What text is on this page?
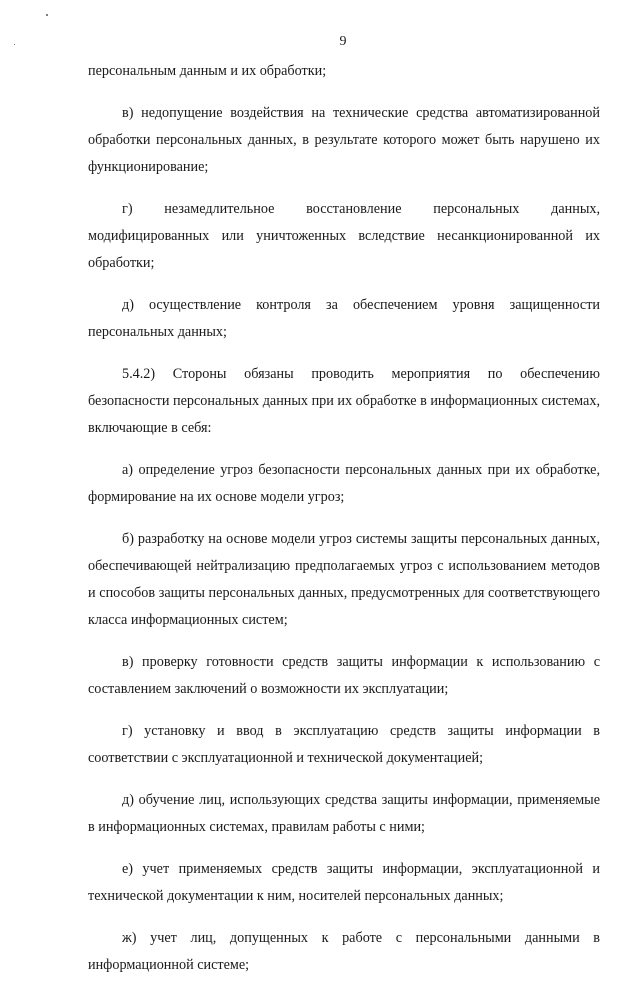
9

персональным данным и их обработки;

в) недопущение воздействия на технические средства автоматизированной обработки персональных данных, в результате которого может быть нарушено их функционирование;

г) незамедлительное восстановление персональных данных, модифицированных или уничтоженных вследствие несанкционированной их обработки;

д) осуществление контроля за обеспечением уровня защищенности персональных данных;

5.4.2) Стороны обязаны проводить мероприятия по обеспечению безопасности персональных данных при их обработке в информационных системах, включающие в себя:

а) определение угроз безопасности персональных данных при их обработке, формирование на их основе модели угроз;

б) разработку на основе модели угроз системы защиты персональных данных, обеспечивающей нейтрализацию предполагаемых угроз с использованием методов и способов защиты персональных данных, предусмотренных для соответствующего класса информационных систем;

в) проверку готовности средств защиты информации к использованию с составлением заключений о возможности их эксплуатации;

г) установку и ввод в эксплуатацию средств защиты информации в соответствии с эксплуатационной и технической документацией;

д) обучение лиц, использующих средства защиты информации, применяемые в информационных системах, правилам работы с ними;

е) учет применяемых средств защиты информации, эксплуатационной и технической документации к ним, носителей персональных данных;

ж) учет лиц, допущенных к работе с персональными данными в информационной системе;
